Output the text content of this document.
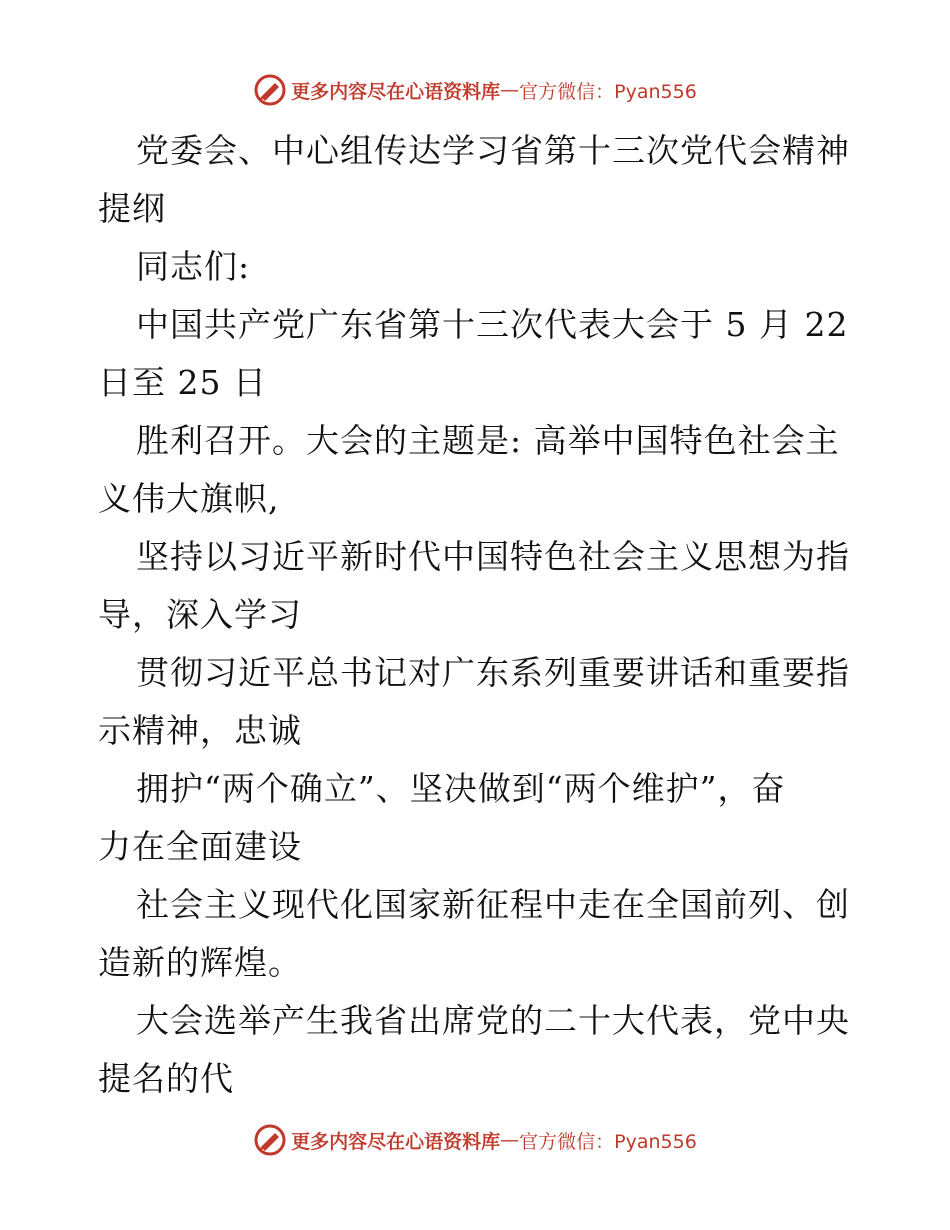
更多内容尽在心语资料库 — 官方微信：Pyan556
党委会、中心组传达学习省第十三次党代会精神
提纲
同志们:
中国共产党广东省第十三次代表大会于 5 月 22
日至 25 日
胜利召开。大会的主题是: 高举中国特色社会主
义伟大旗帜,
坚持以习近平新时代中国特色社会主义思想为指
导，深入学习
贯彻习近平总书记对广东系列重要讲话和重要指
示精神，忠诚
拥护“两个确立”、坚决做到“两个维护”，奋
力在全面建设
社会主义现代化国家新征程中走在全国前列、创
造新的辉煌。
大会选举产生我省出席党的二十大代表，党中央
提名的代
更多内容尽在心语资料库 — 官方微信：Pyan556
